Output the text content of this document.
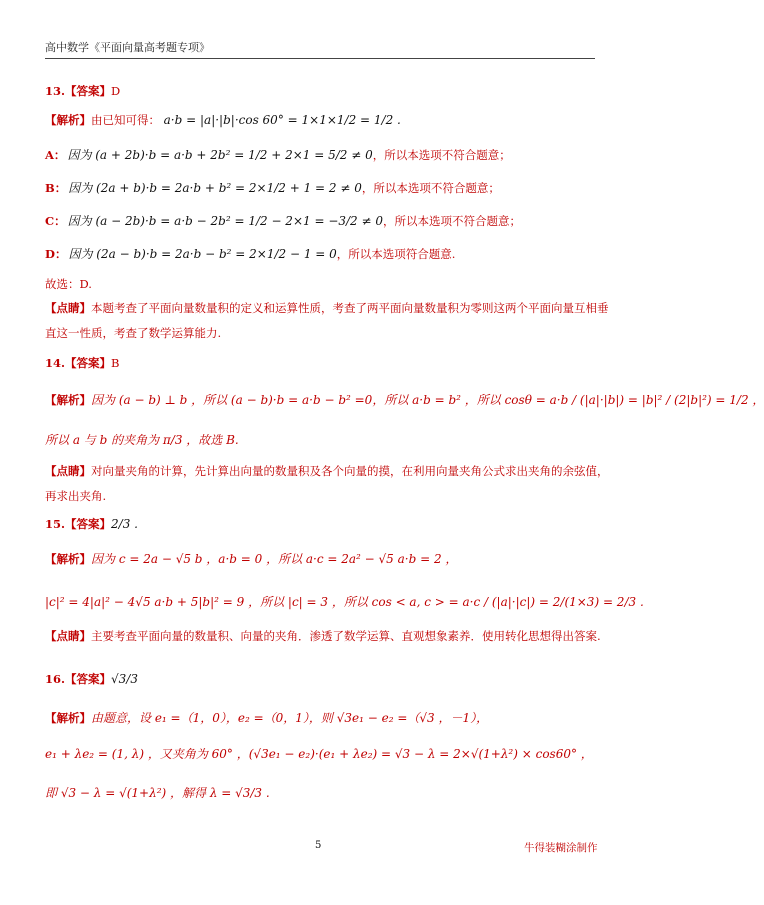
高中数学《平面向量高考题专项》
13.【答案】D
【解析】由已知可得： a·b = |a|·|b|·cos 60° = 1×1×1/2 = 1/2 .
A： 因为 (a + 2b)·b = a·b + 2b² = 1/2 + 2×1 = 5/2 ≠ 0，所以本选项不符合题意；
B： 因为 (2a + b)·b = 2a·b + b² = 2×1/2 + 1 = 2 ≠ 0，所以本选项不符合题意；
C： 因为 (a − 2b)·b = a·b − 2b² = 1/2 − 2×1 = −3/2 ≠ 0，所以本选项不符合题意；
D： 因为 (2a − b)·b = 2a·b − b² = 2×1/2 − 1 = 0，所以本选项符合题意.
故选：D.
【点睛】本题考查了平面向量数量积的定义和运算性质，考查了两平面向量数量积为零则这两个平面向量互相垂
直这一性质，考查了数学运算能力.
14.【答案】B
【解析】因为 (a − b) ⊥ b ，所以 (a − b)·b = a·b − b² =0，所以 a·b = b² ，所以 cosθ = a·b / (|a|·|b|) = |b|² / (2|b|²) = 1/2 ，
所以 a 与 b 的夹角为 π/3 ，故选 B.
【点睛】对向量夹角的计算，先计算出向量的数量积及各个向量的摸，在利用向量夹角公式求出夹角的余弦值，
再求出夹角.
15.【答案】2/3 .
【解析】因为 c = 2a − √5 b ，a·b = 0 ，所以 a·c = 2a² − √5 a·b = 2 ，
|c|² = 4|a|² − 4√5 a·b + 5|b|² = 9 ，所以 |c| = 3 ，所以 cos < a, c > = a·c / (|a|·|c|) = 2/(1×3) = 2/3 .
【点睛】主要考查平面向量的数量积、向量的夹角．渗透了数学运算、直观想象素养．使用转化思想得出答案.
16.【答案】√3/3
【解析】由题意，设 e₁ =（1，0），e₂ =（0，1），则 √3e₁ − e₂ =（√3 ，－1），
e₁ + λe₂ = (1, λ) ，又夹角为 60° ，(√3e₁ − e₂)·(e₁ + λe₂) = √3 − λ = 2×√(1+λ²) × cos60° ，
即 √3 − λ = √(1+λ²) ，解得 λ = √3/3 .
5	牛得装糊涂制作
